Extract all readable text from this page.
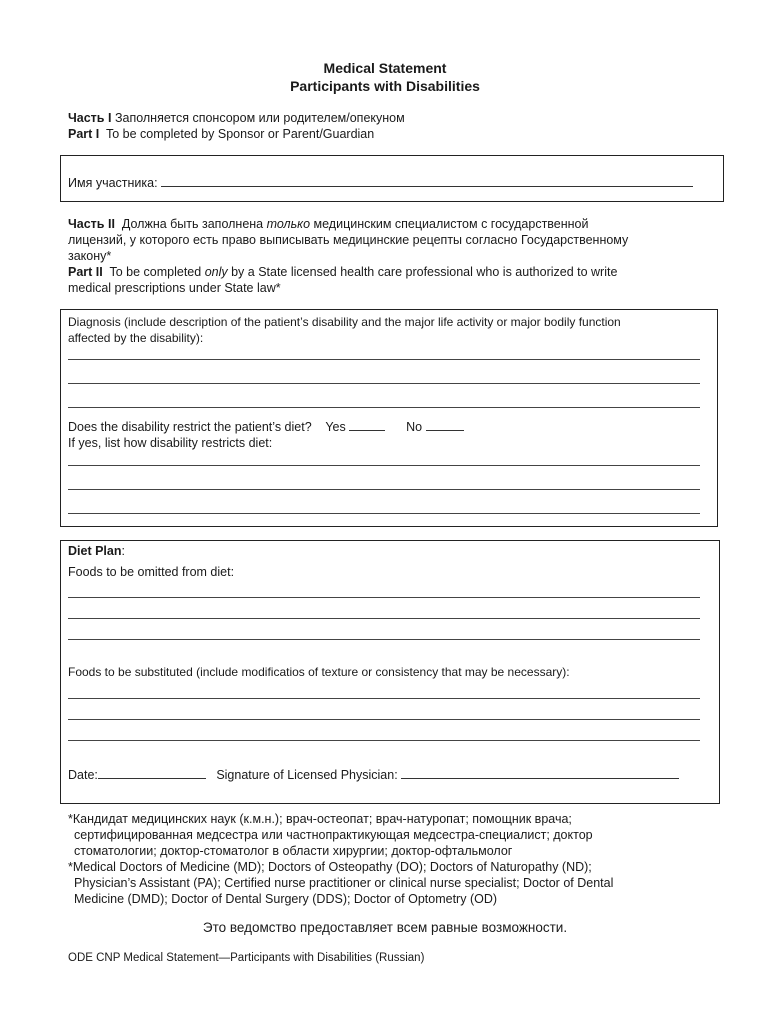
Medical Statement
Participants with Disabilities
Часть I Заполняется спонсором или родителем/опекуном
Part I To be completed by Sponsor or Parent/Guardian
Имя участника:
Часть II Должна быть заполнена только медицинским специалистом с государственной
лицензий, у которого есть право выписывать медицинские рецепты согласно Государственному
закону*
Part II To be completed only by a State licensed health care professional who is authorized to write
medical prescriptions under State law*
Diagnosis (include description of the patient’s disability and the major life activity or major bodily function
affected by the disability):
Does the disability restrict the patient’s diet? Yes	No
If yes, list how disability restricts diet:
Diet Plan:
Foods to be omitted from diet:
Foods to be substituted (include modificatios of texture or consistency that may be necessary):
Date:	Signature of Licensed Physician:
*Кандидат медицинских наук (к.м.н.); врач-остеопат; врач-натуропат; помощник врача;
сертифицированная медсестра или частнопрактикующая медсестра-специалист; доктор
стоматологии; доктор-стоматолог в области хирургии; доктор-офтальмолог
*Medical Doctors of Medicine (MD); Doctors of Osteopathy (DO); Doctors of Naturopathy (ND);
Physician’s Assistant (PA); Certified nurse practitioner or clinical nurse specialist; Doctor of Dental
Medicine (DMD); Doctor of Dental Surgery (DDS); Doctor of Optometry (OD)
Это ведомство предоставляет всем равные возможности.
ODE CNP Medical Statement—Participants with Disabilities (Russian)
